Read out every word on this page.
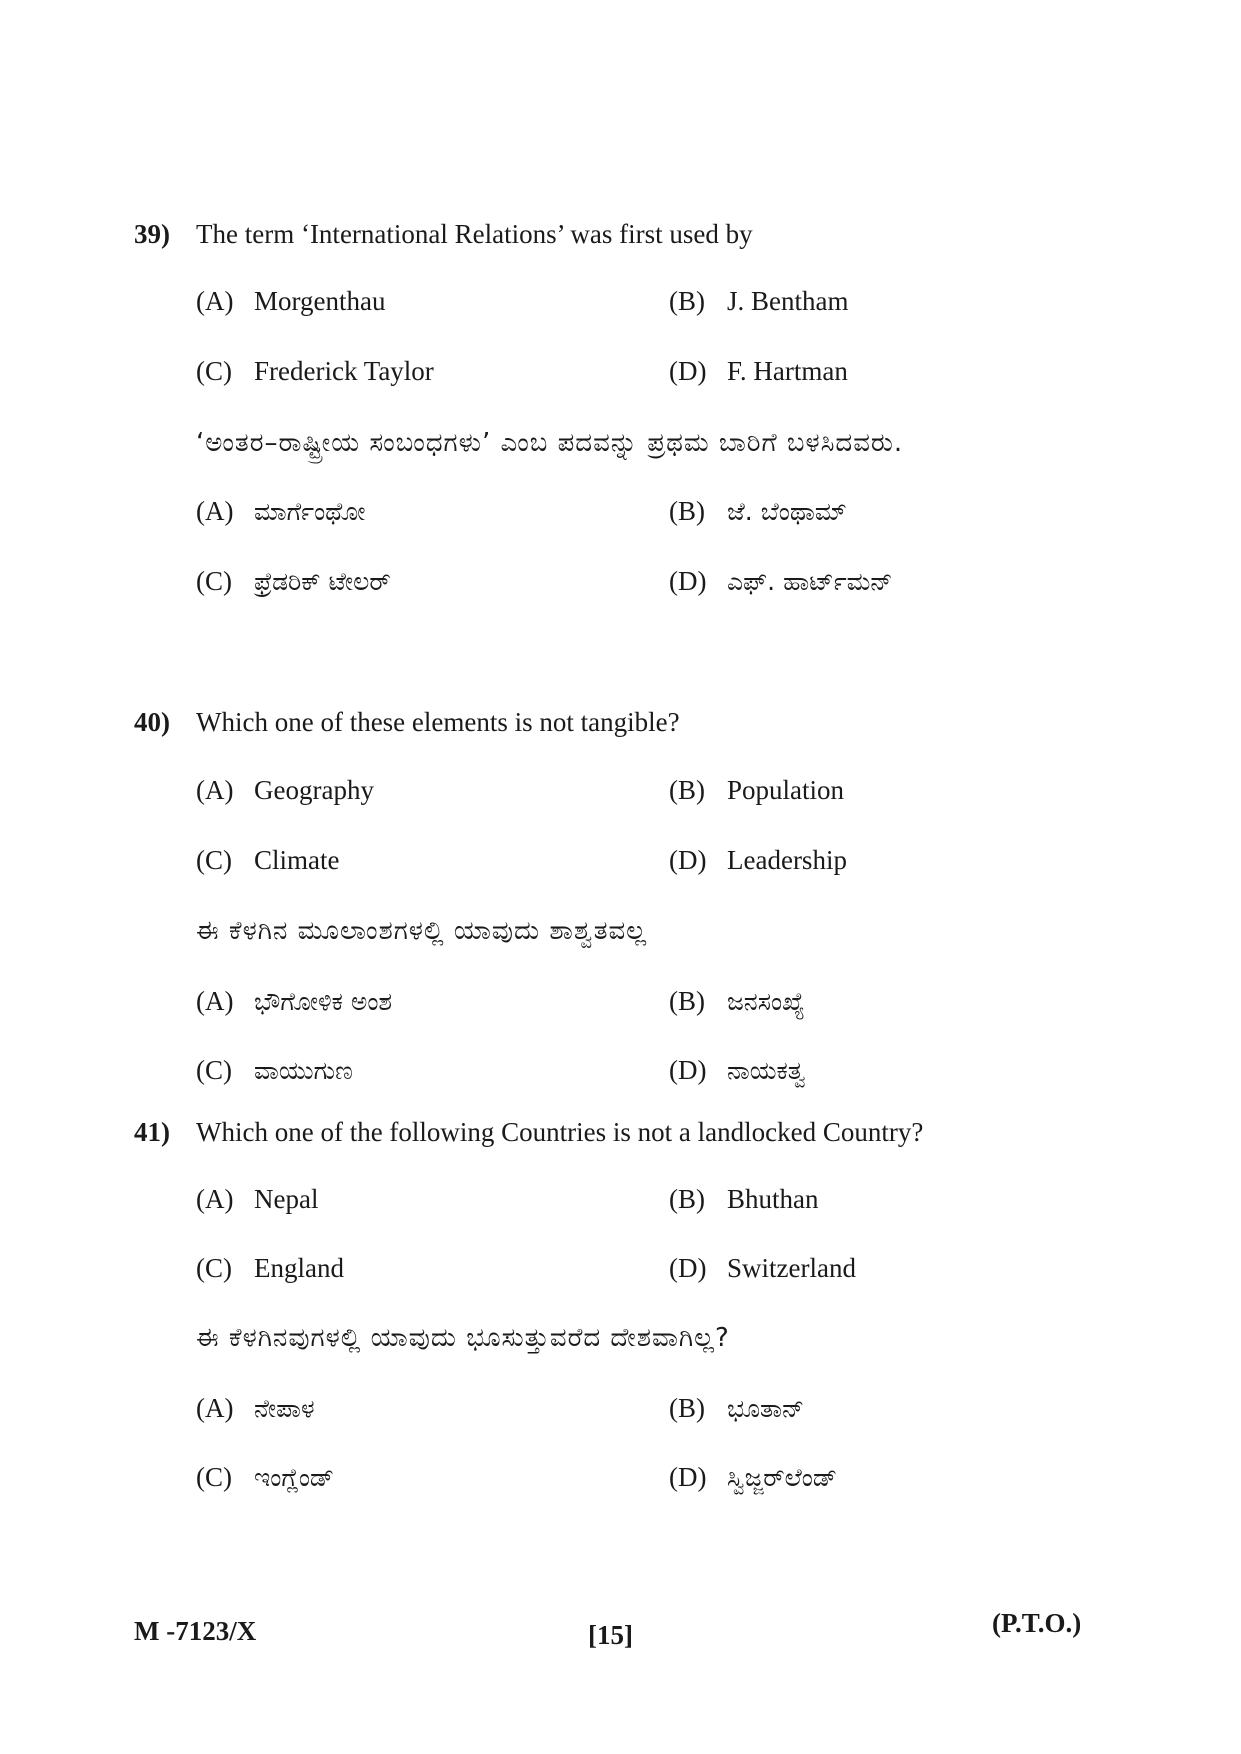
39) The term ‘International Relations’ was first used by
(A) Morgenthau	(B) J. Bentham
(C) Frederick Taylor	(D) F. Hartman
‘ಅಂತರ–ರಾಷ್ಟ್ರೀಯ ಸಂಬಂಧಗಳು’ ಎಂಬ ಪದವನ್ನು ಪ್ರಥಮ ಬಾರಿಗೆ ಬಳಸಿದವರು.
(A) ಮಾರ್ಗೆಂಥೋ	(B) ಜೆ. ಬೆಂಥಾಮ್
(C) ಫ್ರೆಡರಿಕ್ ಟೇಲರ್	(D) ಎಫ್. ಹಾರ್ಟ್‌ಮನ್
40) Which one of these elements is not tangible?
(A) Geography	(B) Population
(C) Climate	(D) Leadership
ಈ ಕೆಳಗಿನ ಮೂಲಾಂಶಗಳಲ್ಲಿ ಯಾವುದು ಶಾಶ್ವತವಲ್ಲ
(A) ಭೌಗೋಳಿಕ ಅಂಶ	(B) ಜನಸಂಖ್ಯೆ
(C) ವಾಯುಗುಣ	(D) ನಾಯಕತ್ವ
41) Which one of the following Countries is not a landlocked Country?
(A) Nepal	(B) Bhuthan
(C) England	(D) Switzerland
ಈ ಕೆಳಗಿನವುಗಳಲ್ಲಿ ಯಾವುದು ಭೂಸುತ್ತುವರೆದ ದೇಶವಾಗಿಲ್ಲ?
(A) ನೇಪಾಳ	(B) ಭೂತಾನ್
(C) ಇಂಗ್ಲೆಂಡ್	(D) ಸ್ವಿಜ್ಜರ್‌ಲೆಂಡ್
M -7123/X	[15]	(P.T.O.)
